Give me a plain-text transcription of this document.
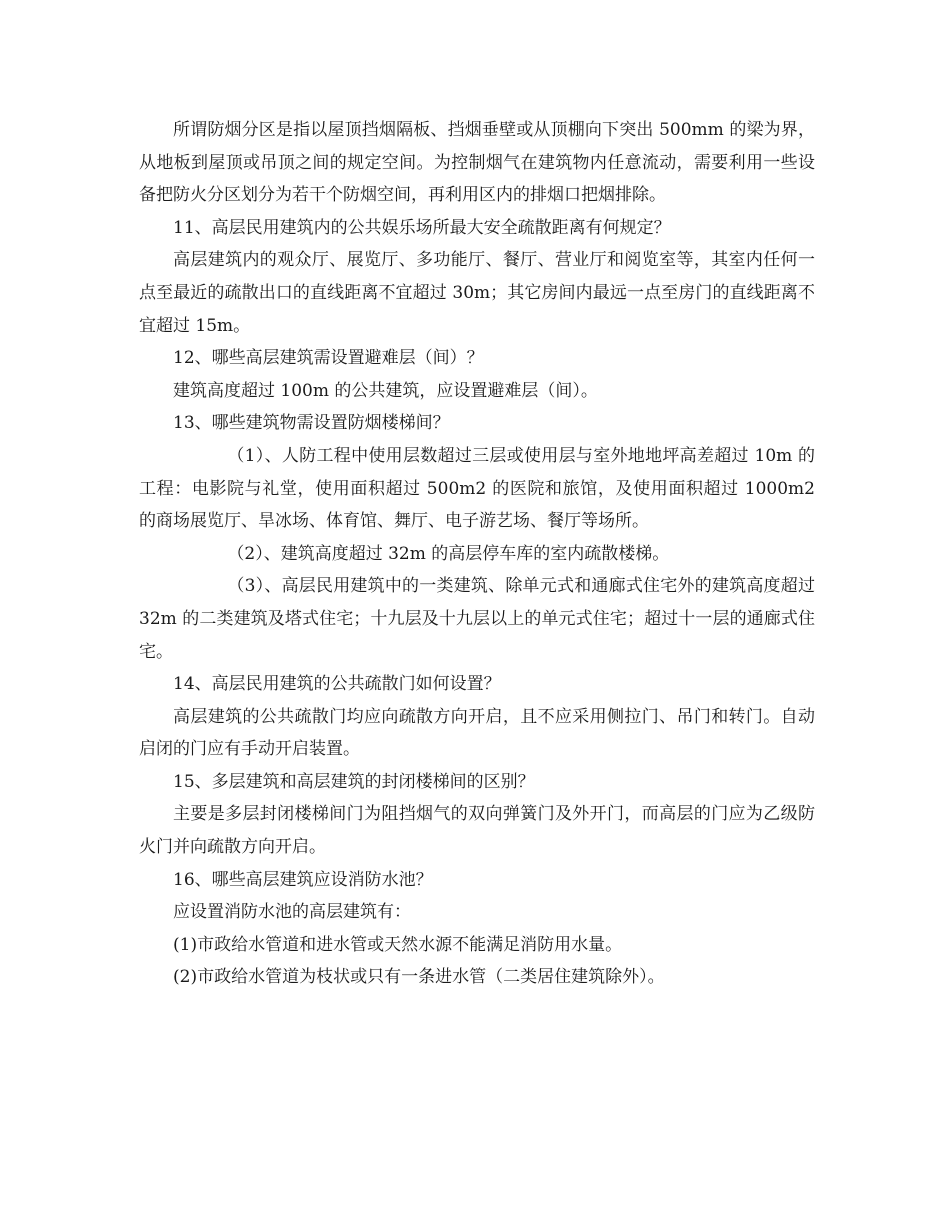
所谓防烟分区是指以屋顶挡烟隔板、挡烟垂壁或从顶棚向下突出 500mm 的梁为界，从地板到屋顶或吊顶之间的规定空间。为控制烟气在建筑物内任意流动，需要利用一些设备把防火分区划分为若干个防烟空间，再利用区内的排烟口把烟排除。

11、高层民用建筑内的公共娱乐场所最大安全疏散距离有何规定？

高层建筑内的观众厅、展览厅、多功能厅、餐厅、营业厅和阅览室等，其室内任何一点至最近的疏散出口的直线距离不宜超过 30m；其它房间内最远一点至房门的直线距离不宜超过 15m。

12、哪些高层建筑需设置避难层（间）？

建筑高度超过 100m 的公共建筑，应设置避难层（间）。

13、哪些建筑物需设置防烟楼梯间？

（1）、人防工程中使用层数超过三层或使用层与室外地地坪高差超过 10m 的工程：电影院与礼堂，使用面积超过 500m2 的医院和旅馆，及使用面积超过 1000m2 的商场展览厅、旱冰场、体育馆、舞厅、电子游艺场、餐厅等场所。

（2）、建筑高度超过 32m 的高层停车库的室内疏散楼梯。

（3）、高层民用建筑中的一类建筑、除单元式和通廊式住宅外的建筑高度超过 32m 的二类建筑及塔式住宅；十九层及十九层以上的单元式住宅；超过十一层的通廊式住宅。

14、高层民用建筑的公共疏散门如何设置？

高层建筑的公共疏散门均应向疏散方向开启，且不应采用侧拉门、吊门和转门。自动启闭的门应有手动开启装置。

15、多层建筑和高层建筑的封闭楼梯间的区别？

主要是多层封闭楼梯间门为阻挡烟气的双向弹簧门及外开门，而高层的门应为乙级防火门并向疏散方向开启。

16、哪些高层建筑应设消防水池？

应设置消防水池的高层建筑有：

(1)市政给水管道和进水管或天然水源不能满足消防用水量。

(2)市政给水管道为枝状或只有一条进水管（二类居住建筑除外）。
